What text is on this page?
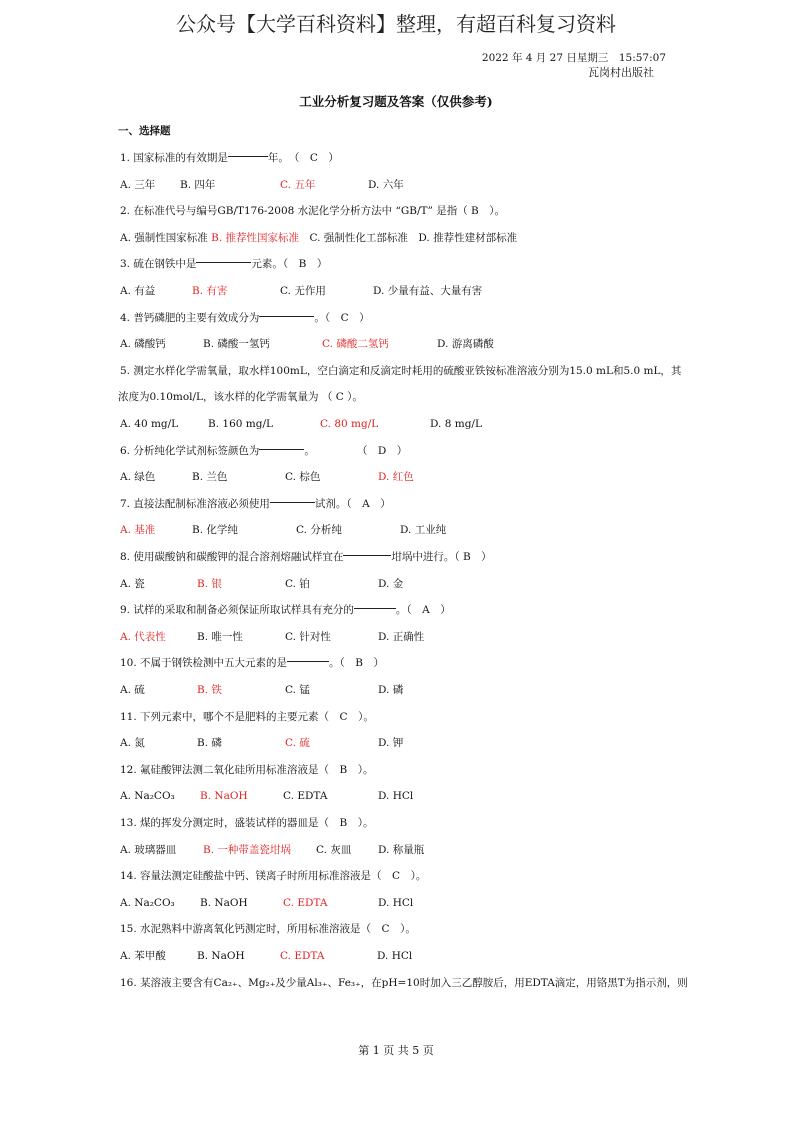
公众号【大学百科资料】整理，有超百科复习资料
2022 年 4 月 27 日星期三　15:57:07
瓦岗村出版社
工业分析复习题及答案（仅供参考)
一、选择题
1. 国家标准的有效期是	年。　（　C　）
A. 三年 B. 四年	C. 五年	D. 六年
2. 在标准代号与编号GB/T176-2008 水泥化学分析方法中 “GB/T” 是指（ B　）。
A. 强制性国家标准 B. 推荐性国家标准　C. 强制性化工部标准　D. 推荐性建材部标准
3. 硫在钢铁中是	元素。（　B　）
A. 有益	B. 有害	C. 无作用	D. 少量有益、大量有害
4. 普钙磷肥的主要有效成分为	。（　C　）
A. 磷酸钙	B. 磷酸一氢钙	C. 磷酸二氢钙	D. 游离磷酸
5. 测定水样化学需氧量，取水样100mL，空白滴定和反滴定时耗用的硫酸亚铁铵标准溶液分别为15.0 mL和5.0 mL，其
浓度为0.10mol/L，该水样的化学需氧量为 （ C ）。
A. 40 mg/L	B. 160 mg/L	C. 80 mg/L	D. 8 mg/L
6. 分析纯化学试剂标签颜色为	。　　　　　（　D　）
A. 绿色	B. 兰色	C. 棕色	D. 红色
7. 直接法配制标准溶液必须使用	试剂。（　A　）
A. 基准	B. 化学纯	C. 分析纯	D. 工业纯
8. 使用碳酸钠和碳酸钾的混合溶剂熔融试样宜在	坩埚中进行。（ B　）
A. 瓷	B. 银	C. 铂	D. 金
9. 试样的采取和制备必须保证所取试样具有充分的	。（　A　）
A. 代表性	B. 唯一性	C. 针对性	D. 正确性
10. 不属于钢铁检测中五大元素的是	。（　B　）
A. 硫	B. 铁	C. 锰	D. 磷
11. 下列元素中，哪个不是肥料的主要元素（　C　）。
A. 氮	B. 磷	C. 硫	D. 钾
12. 氟硅酸钾法测二氧化硅所用标准溶液是（　B　）。
A. Na₂CO₃ B. NaOH	C. EDTA	D. HCl
13. 煤的挥发分测定时，盛装试样的器皿是（　B　）。
A. 玻璃器皿	B. 一种带盖瓷坩埚 C. 灰皿	D. 称量瓶
14. 容量法测定硅酸盐中钙、镁离子时所用标准溶液是（　C　）。
A. Na₂CO₃ B. NaOH	C. EDTA	D. HCl
15. 水泥熟料中游离氧化钙测定时，所用标准溶液是（　C　）。
A. 苯甲酸	B. NaOH	C. EDTA	D. HCl
16. 某溶液主要含有Ca₂₊、Mg₂₊及少量Al₃₊、Fe₃₊，在pH=10时加入三乙醇胺后，用EDTA滴定，用铬黑T为指示剂，则
第 1 页 共 5 页
